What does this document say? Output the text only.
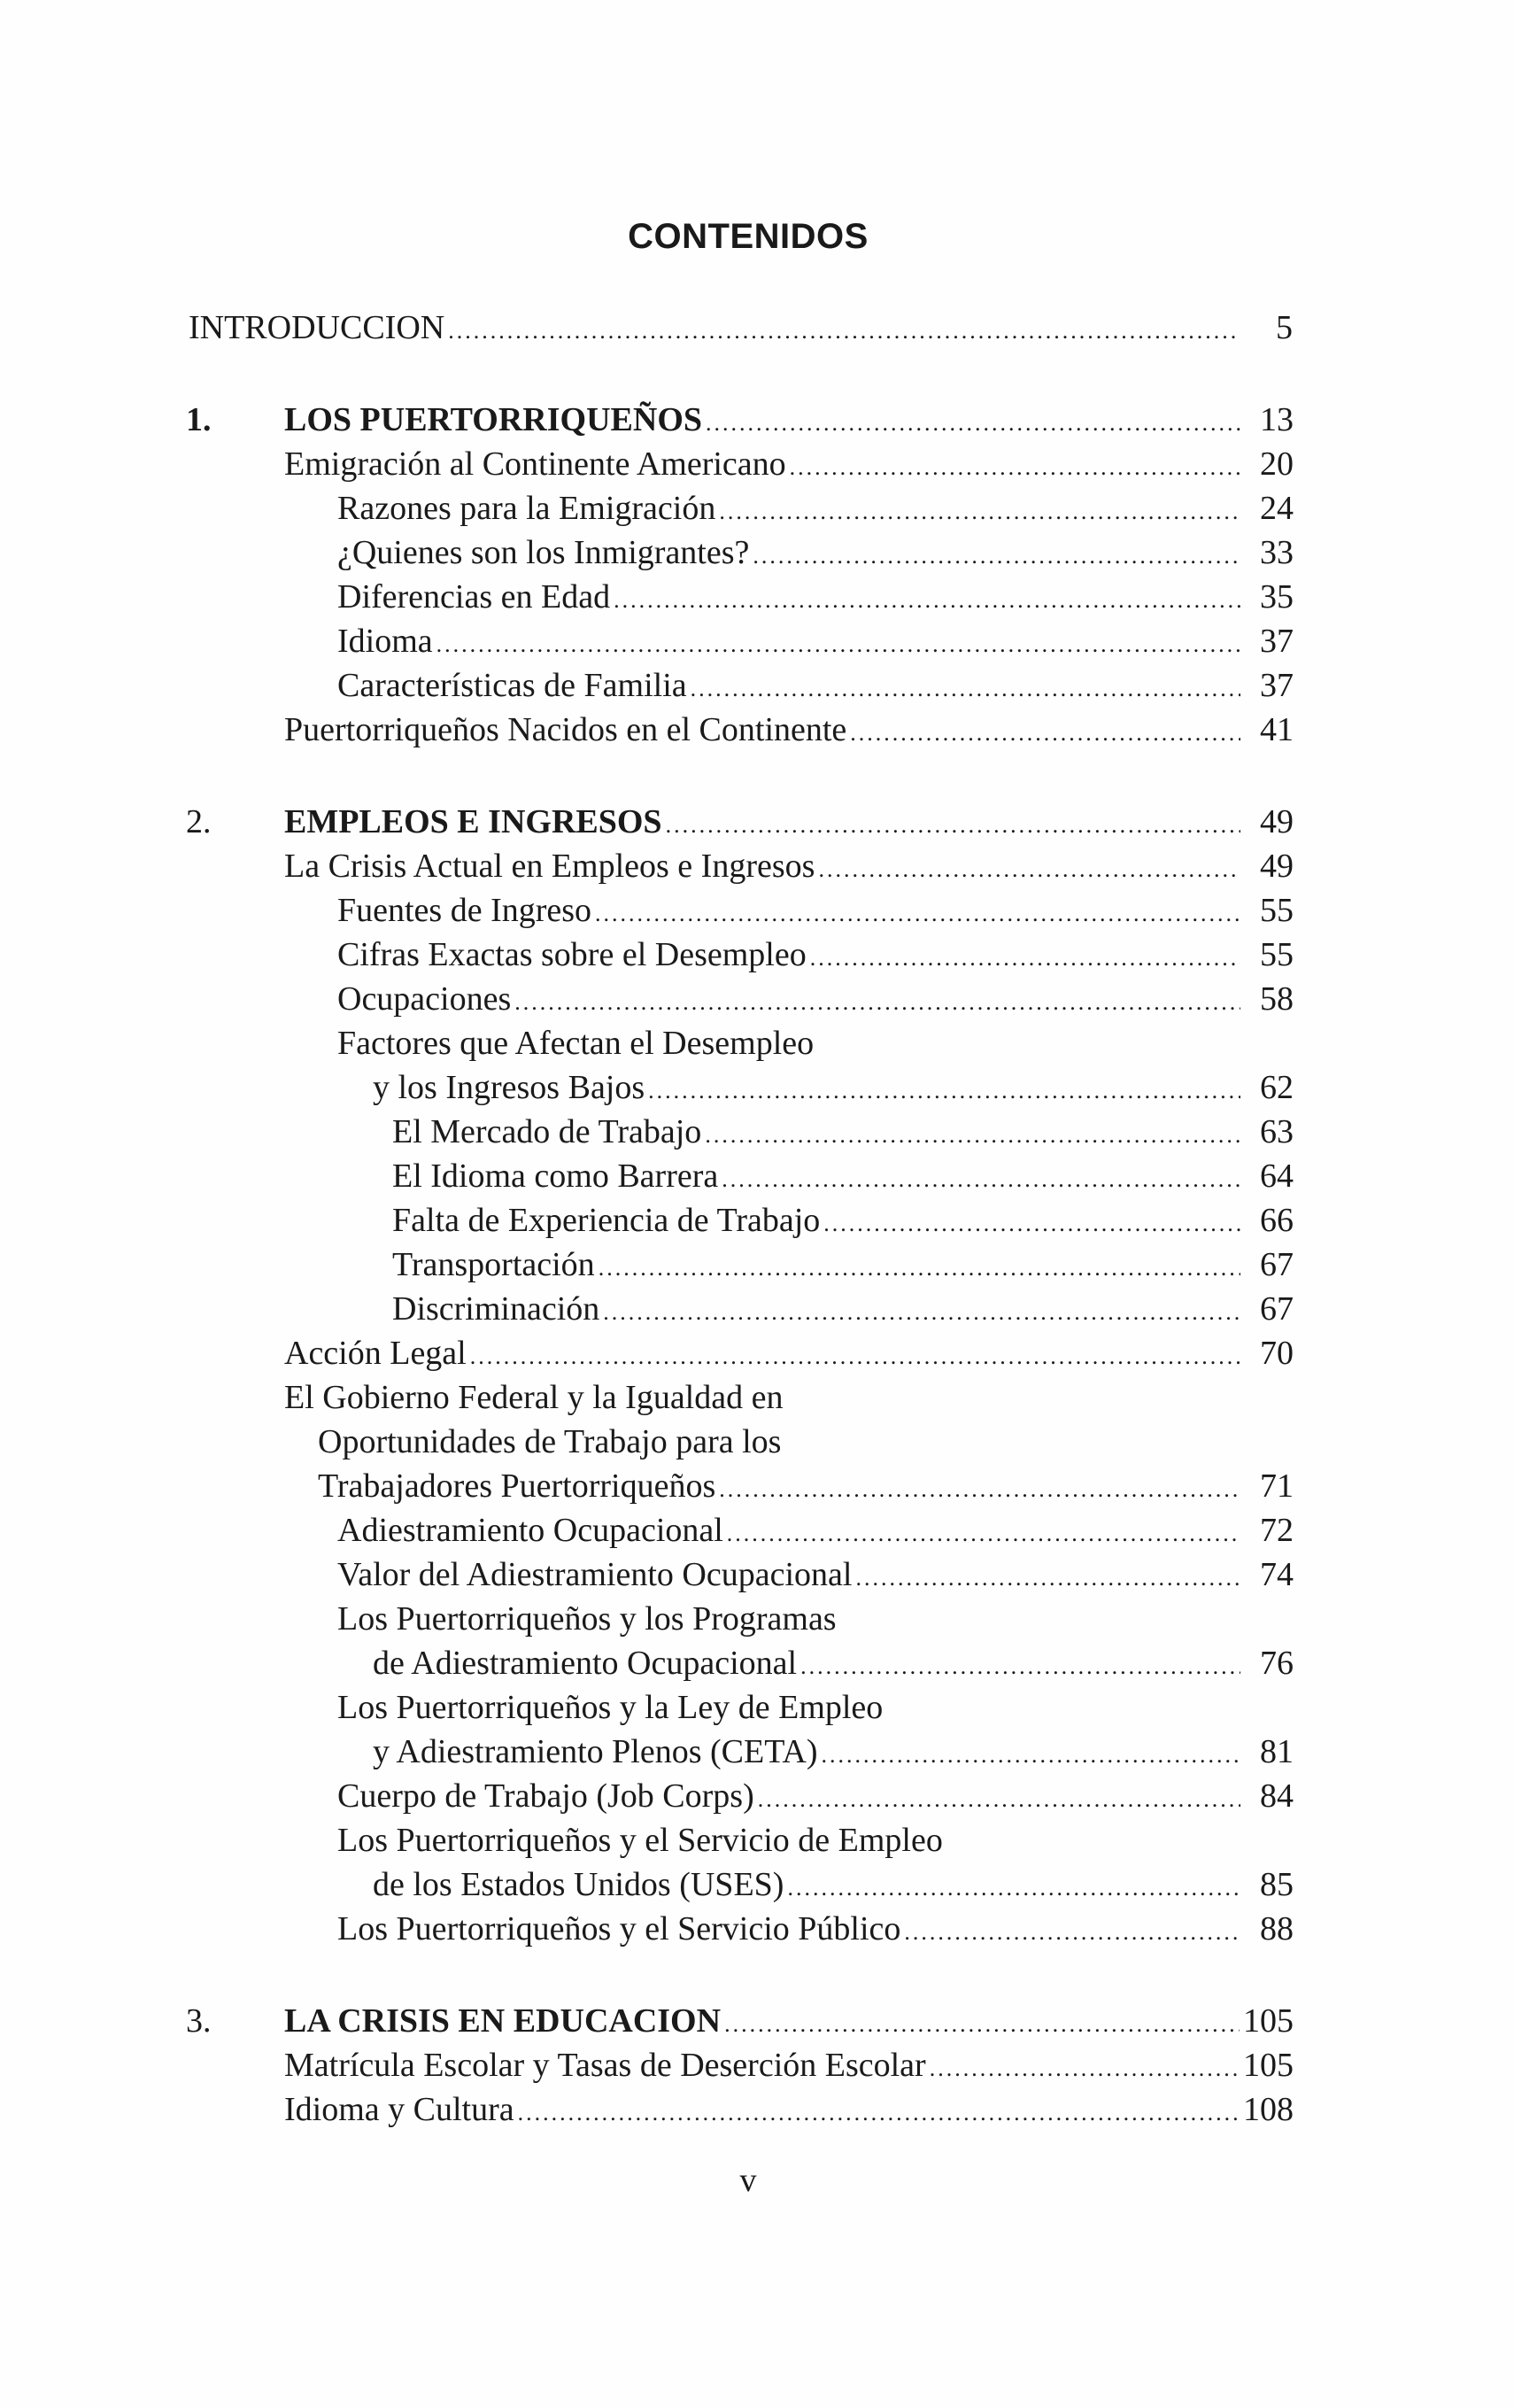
CONTENIDOS
INTRODUCCION .....	5
1. LOS PUERTORRIQUEÑOS .....	13
Emigración al Continente Americano .....	20
Razones para la Emigración .....	24
¿Quienes son los Inmigrantes? .....	33
Diferencias en Edad .....	35
Idioma .....	37
Características de Familia .....	37
Puertorriqueños Nacidos en el Continente .....	41
2. EMPLEOS E INGRESOS .....	49
La Crisis Actual en Empleos e Ingresos .....	49
Fuentes de Ingreso .....	55
Cifras Exactas sobre el Desempleo .....	55
Ocupaciones .....	58
Factores que Afectan el Desempleo
y los Ingresos Bajos .....	62
El Mercado de Trabajo .....	63
El Idioma como Barrera .....	64
Falta de Experiencia de Trabajo .....	66
Transportación .....	67
Discriminación .....	67
Acción Legal .....	70
El Gobierno Federal y la Igualdad en
Oportunidades de Trabajo para los
Trabajadores Puertorriqueños .....	71
Adiestramiento Ocupacional .....	72
Valor del Adiestramiento Ocupacional .....	74
Los Puertorriqueños y los Programas
de Adiestramiento Ocupacional .....	76
Los Puertorriqueños y la Ley de Empleo
y Adiestramiento Plenos (CETA) .....	81
Cuerpo de Trabajo (Job Corps) .....	84
Los Puertorriqueños y el Servicio de Empleo
de los Estados Unidos (USES) .....	85
Los Puertorriqueños y el Servicio Público .....	88
3. LA CRISIS EN EDUCACION .....	105
Matrícula Escolar y Tasas de Deserción Escolar .....	105
Idioma y Cultura .....	108
v
